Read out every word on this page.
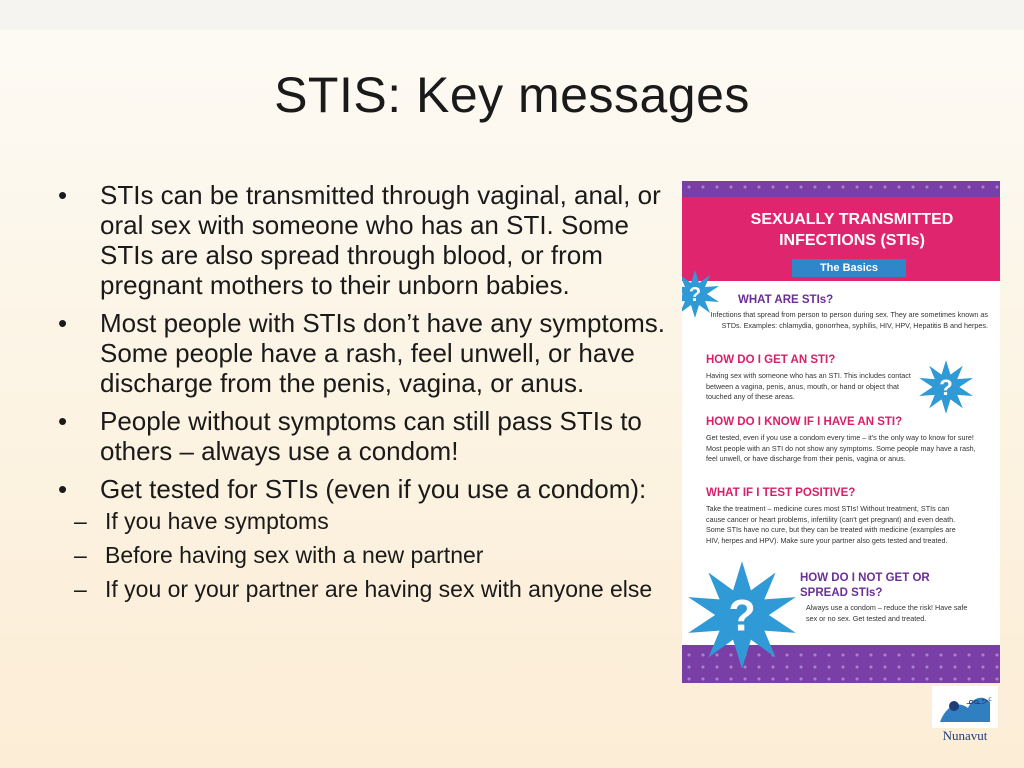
STIS: Key messages
• STIs can be transmitted through vaginal, anal, or oral sex with someone who has an STI. Some STIs are also spread through blood, or from pregnant mothers to their unborn babies.
• Most people with STIs don’t have any symptoms. Some people have a rash, feel unwell, or have discharge from the penis, vagina, or anus.
• People without symptoms can still pass STIs to others – always use a condom!
• Get tested for STIs (even if you use a condom):
– If you have symptoms
– Before having sex with a new partner
– If you or your partner are having sex with anyone else
SEXUALLY TRANSMITTED INFECTIONS (STIs)
The Basics
?	WHAT ARE STIs?
Infections that spread from person to person during sex. They are sometimes known as STDs. Examples: chlamydia, gonorrhea, syphilis, HIV, HPV, Hepatitis B and herpes.
HOW DO I GET AN STI?
Having sex with someone who has an STI. This includes contact between a vagina, penis, anus, mouth, or hand or object that touched any of these areas.	?
HOW DO I KNOW IF I HAVE AN STI?
Get tested, even if you use a condom every time – it's the only way to know for sure! Most people with an STI do not show any symptoms. Some people may have a rash, feel unwell, or have discharge from their penis, vagina or anus.
WHAT IF I TEST POSITIVE?
Take the treatment – medicine cures most STIs! Without treatment, STIs can cause cancer or heart problems, infertility (can't get pregnant) and even death. Some STIs have no cure, but they can be treated with medicine (examples are HIV, herpes and HPV). Make sure your partner also gets tested and treated.
?
HOW DO I NOT GET OR SPREAD STIs?
Always use a condom – reduce the risk! Have safe sex or no sex. Get tested and treated.
ᓄᓇᕗᑦ
Nunavut
